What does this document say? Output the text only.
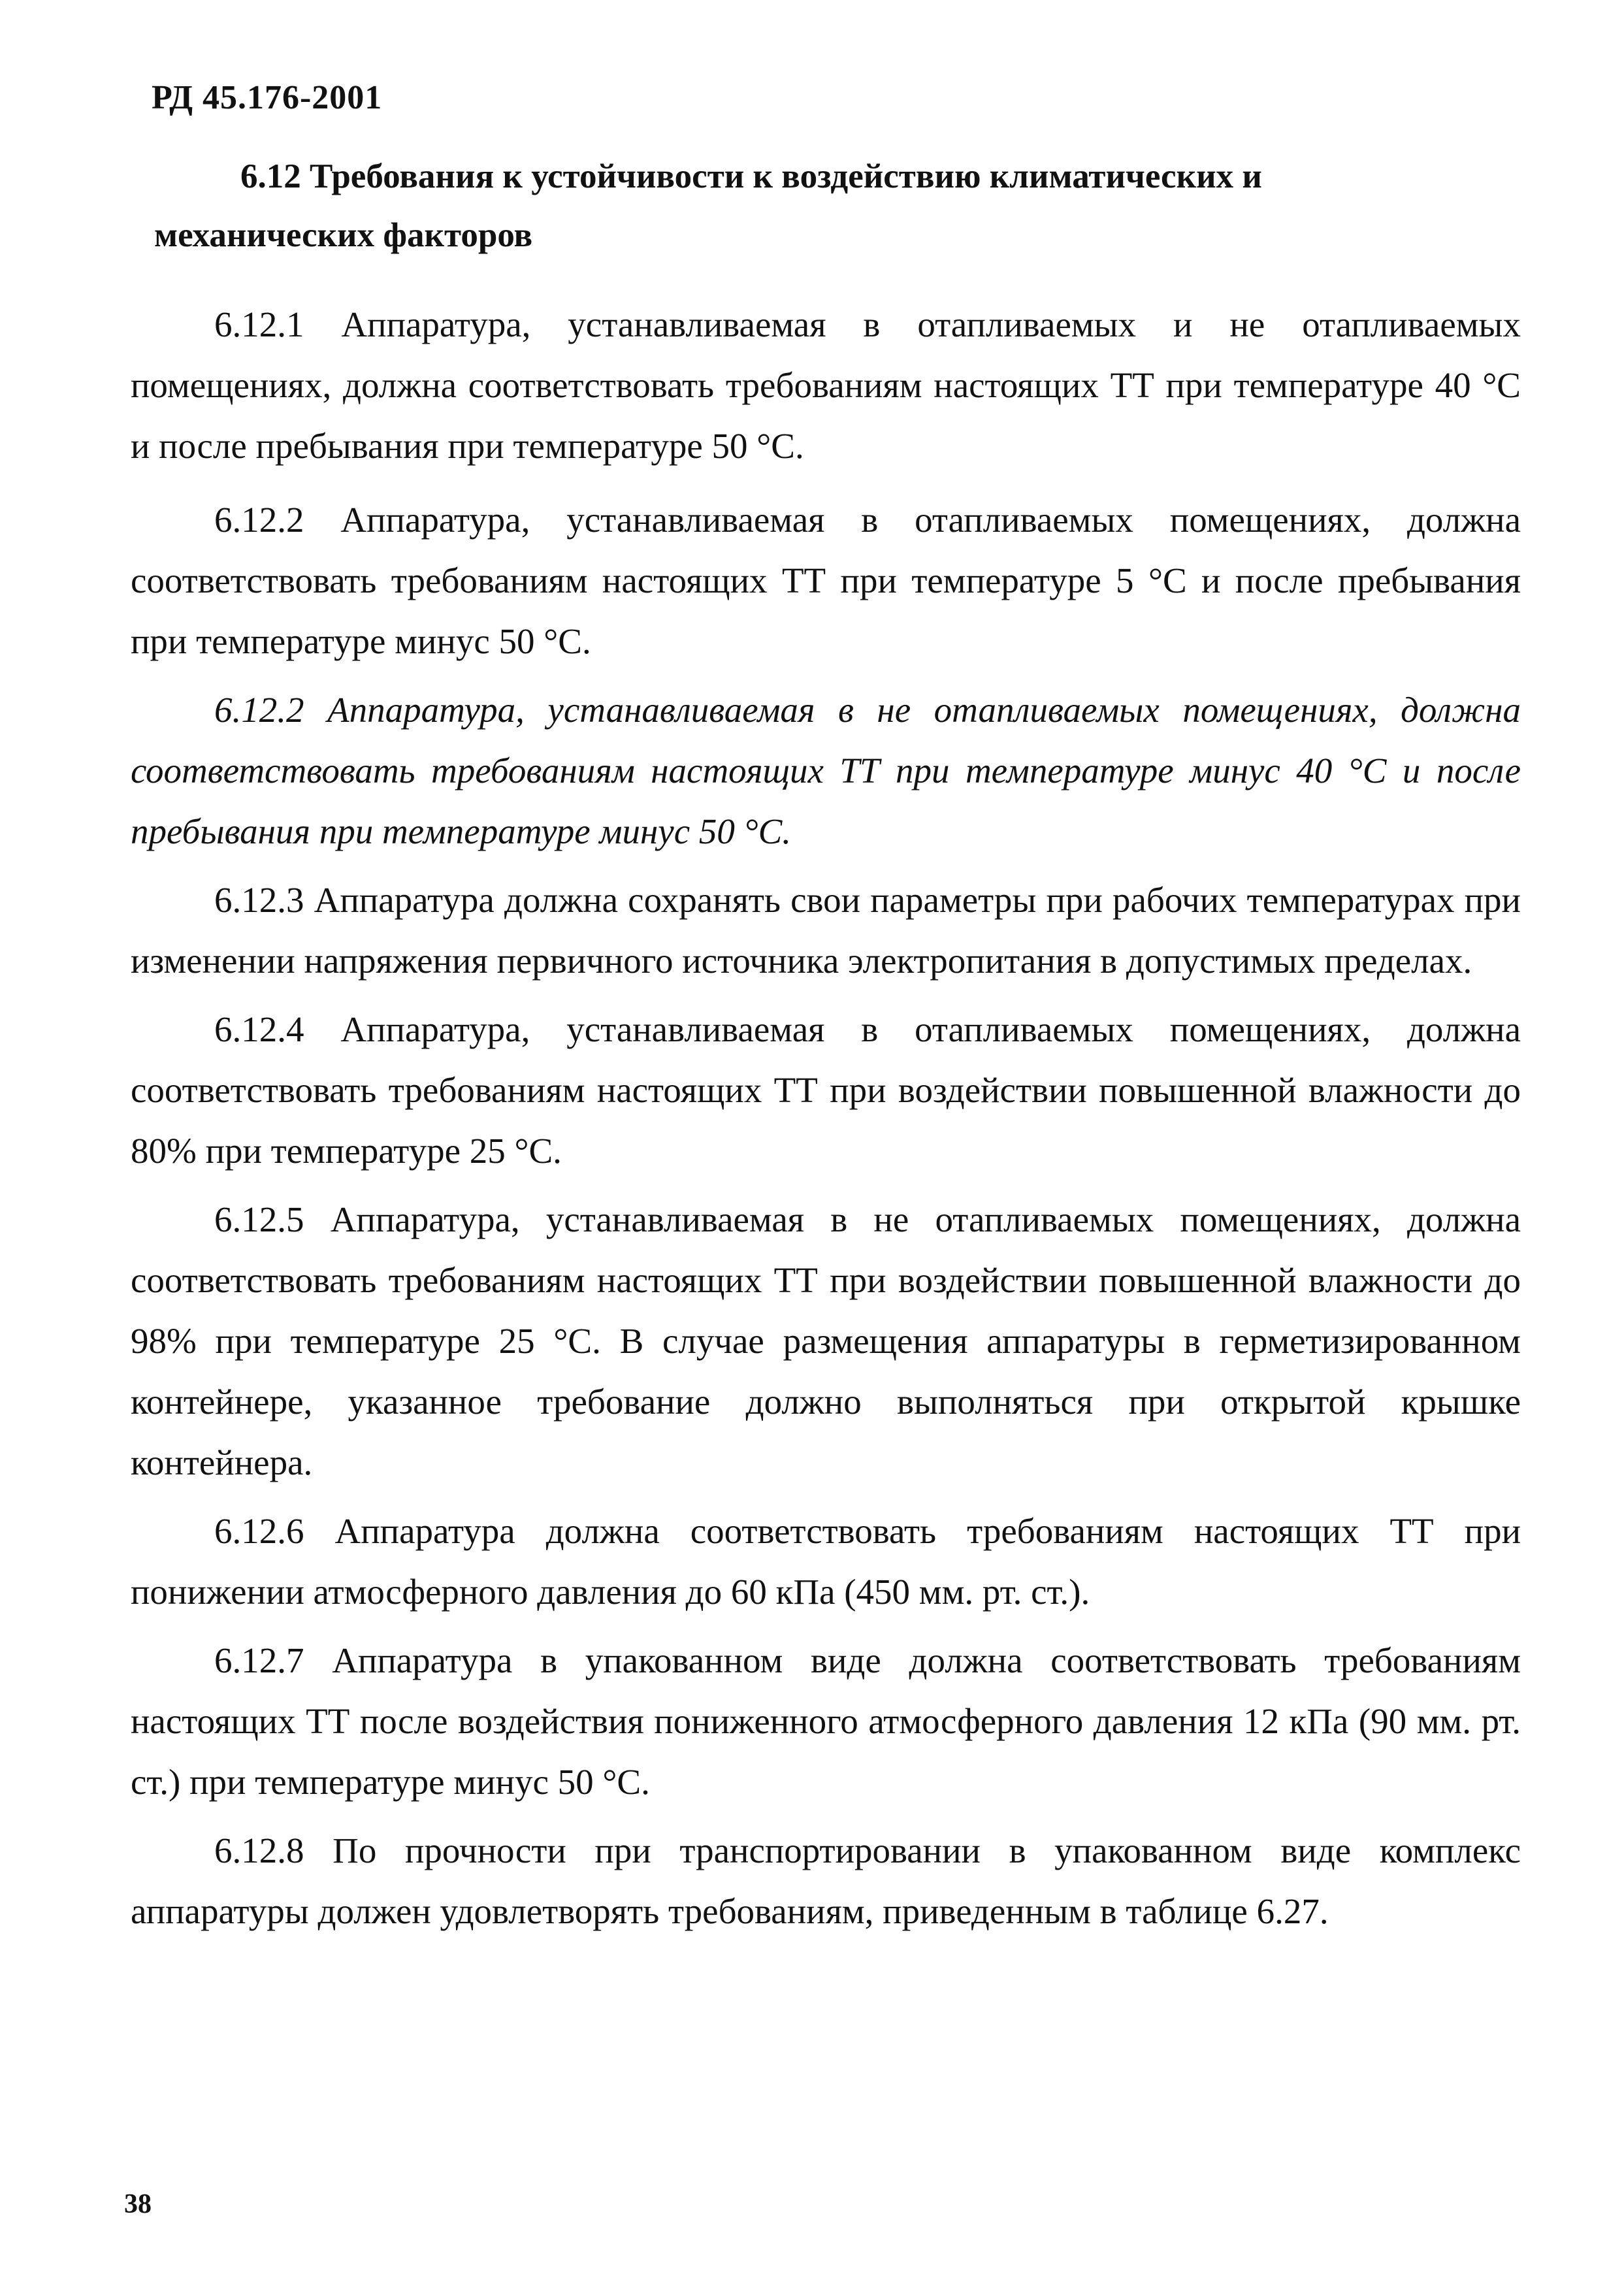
РД 45.176-2001
6.12 Требования к устойчивости к воздействию климатических и механических факторов

6.12.1 Аппаратура, устанавливаемая в отапливаемых и не отапливаемых помещениях, должна соответствовать требованиям настоящих ТТ при температуре 40 °С и после пребывания при температуре 50 °С.

6.12.2 Аппаратура, устанавливаемая в отапливаемых помещениях, должна соответствовать требованиям настоящих ТТ при температуре 5 °С и после пребывания при температуре минус 50 °С.

6.12.2 Аппаратура, устанавливаемая в не отапливаемых помещениях, должна соответствовать требованиям настоящих ТТ при температуре минус 40 °С и после пребывания при температуре минус 50 °С.

6.12.3 Аппаратура должна сохранять свои параметры при рабочих температурах при изменении напряжения первичного источника электропитания в допустимых пределах.

6.12.4 Аппаратура, устанавливаемая в отапливаемых помещениях, должна соответствовать требованиям настоящих ТТ при воздействии повышенной влажности до 80% при температуре 25 °С.

6.12.5 Аппаратура, устанавливаемая в не отапливаемых помещениях, должна соответствовать требованиям настоящих ТТ при воздействии повышенной влажности до 98% при температуре 25 °С. В случае размещения аппаратуры в герметизированном контейнере, указанное требование должно выполняться при открытой крышке контейнера.

6.12.6 Аппаратура должна соответствовать требованиям настоящих ТТ при понижении атмосферного давления до 60 кПа (450 мм. рт. ст.).

6.12.7 Аппаратура в упакованном виде должна соответствовать требованиям настоящих ТТ после воздействия пониженного атмосферного давления 12 кПа (90 мм. рт. ст.) при температуре минус 50 °С.

6.12.8 По прочности при транспортировании в упакованном виде комплекс аппаратуры должен удовлетворять требованиям, приведенным в таблице 6.27.

38
